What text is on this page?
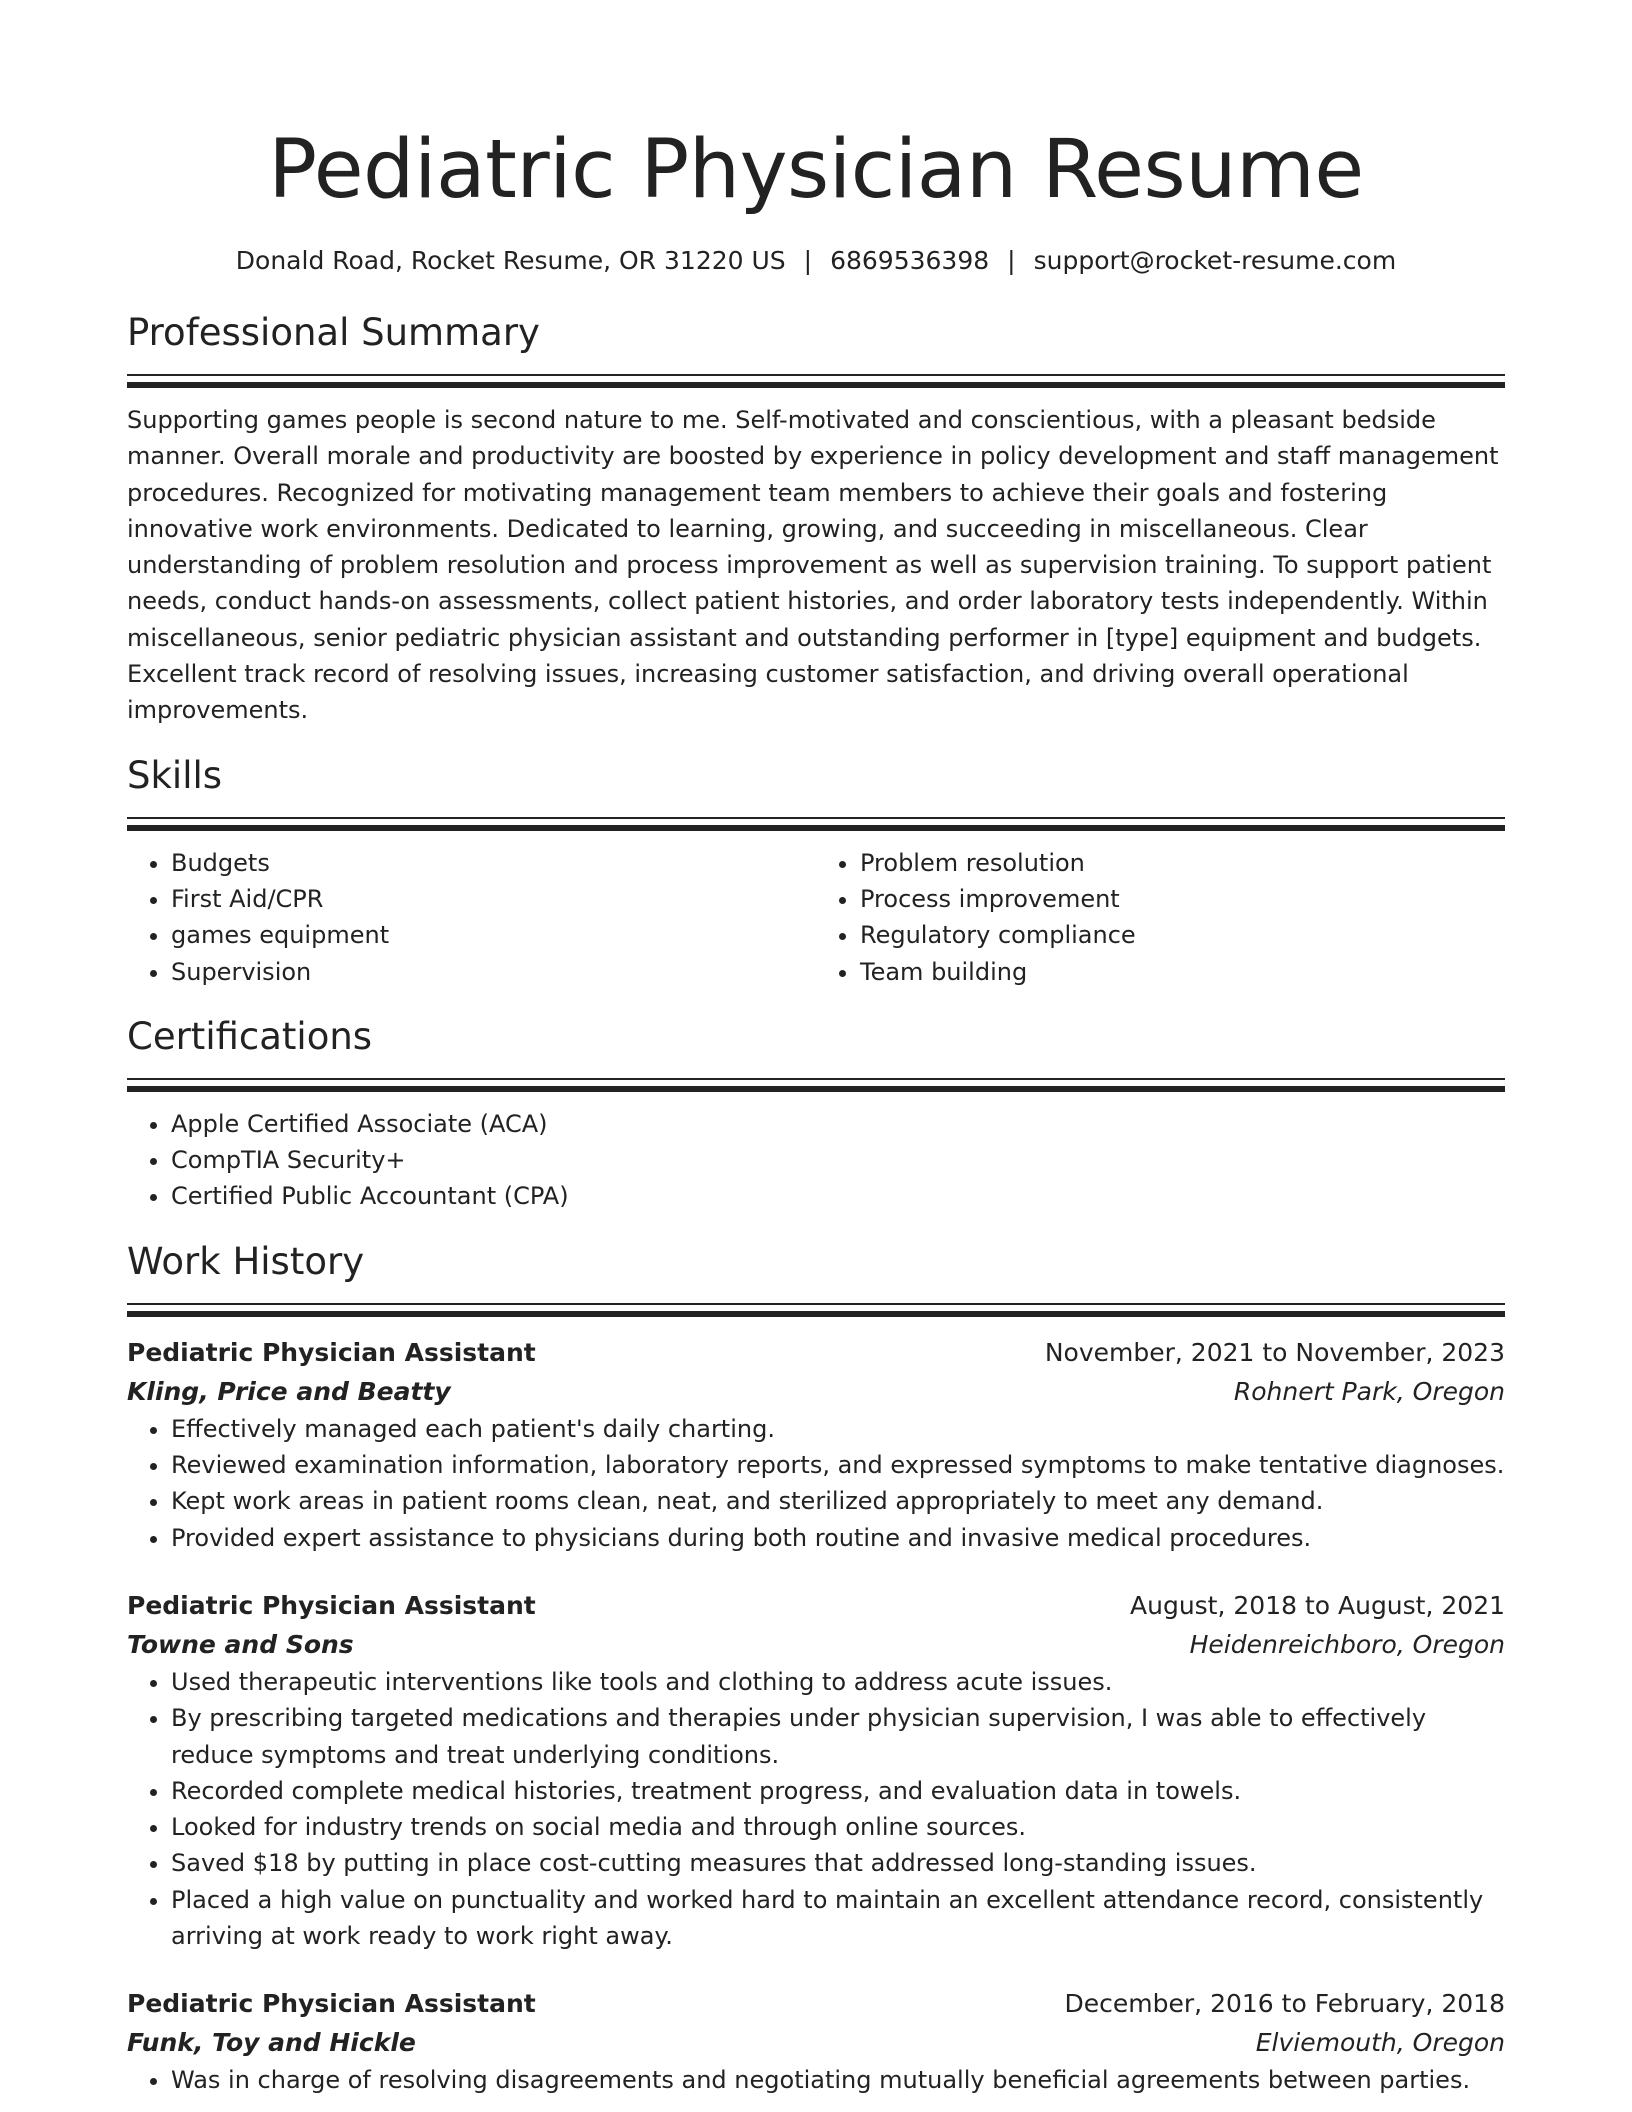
Pediatric Physician Resume
Donald Road, Rocket Resume, OR 31220 US | 6869536398 | support@rocket-resume.com
Professional Summary

Supporting games people is second nature to me. Self-motivated and conscientious, with a pleasant bedside manner. Overall morale and productivity are boosted by experience in policy development and staff management procedures. Recognized for motivating management team members to achieve their goals and fostering innovative work environments. Dedicated to learning, growing, and succeeding in miscellaneous. Clear understanding of problem resolution and process improvement as well as supervision training. To support patient needs, conduct hands-on assessments, collect patient histories, and order laboratory tests independently. Within miscellaneous, senior pediatric physician assistant and outstanding performer in [type] equipment and budgets. Excellent track record of resolving issues, increasing customer satisfaction, and driving overall operational improvements.

Skills
• Budgets
• First Aid/CPR
• games equipment
• Supervision
• Problem resolution
• Process improvement
• Regulatory compliance
• Team building
Certifications
• Apple Certified Associate (ACA)
• CompTIA Security+
• Certified Public Accountant (CPA)
Work History
Pediatric Physician Assistant	November, 2021 to November, 2023
Kling, Price and Beatty	Rohnert Park, Oregon
• Effectively managed each patient's daily charting.
• Reviewed examination information, laboratory reports, and expressed symptoms to make tentative diagnoses.
• Kept work areas in patient rooms clean, neat, and sterilized appropriately to meet any demand.
• Provided expert assistance to physicians during both routine and invasive medical procedures.
Pediatric Physician Assistant	August, 2018 to August, 2021
Towne and Sons	Heidenreichboro, Oregon
• Used therapeutic interventions like tools and clothing to address acute issues.
• By prescribing targeted medications and therapies under physician supervision, I was able to effectively reduce symptoms and treat underlying conditions.
• Recorded complete medical histories, treatment progress, and evaluation data in towels.
• Looked for industry trends on social media and through online sources.
• Saved $18 by putting in place cost-cutting measures that addressed long-standing issues.
• Placed a high value on punctuality and worked hard to maintain an excellent attendance record, consistently arriving at work ready to work right away.
Pediatric Physician Assistant	December, 2016 to February, 2018
Funk, Toy and Hickle	Elviemouth, Oregon
• Was in charge of resolving disagreements and negotiating mutually beneficial agreements between parties.
